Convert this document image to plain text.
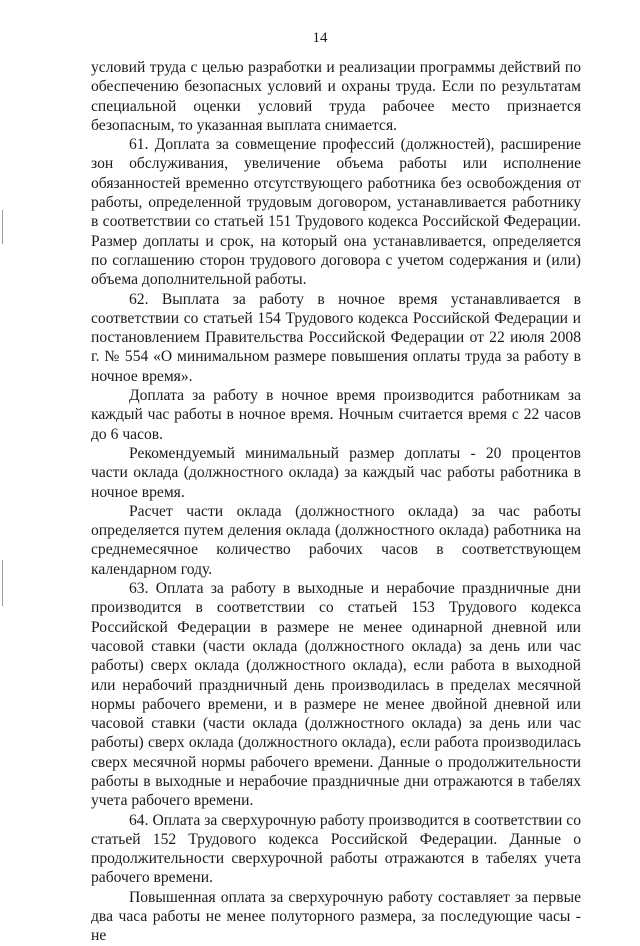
14

условий труда с целью разработки и реализации программы действий по обеспечению безопасных условий и охраны труда. Если по результатам специальной оценки условий труда рабочее место признается безопасным, то указанная выплата снимается.

61. Доплата за совмещение профессий (должностей), расширение зон обслуживания, увеличение объема работы или исполнение обязанностей временно отсутствующего работника без освобождения от работы, определенной трудовым договором, устанавливается работнику в соответствии со статьей 151 Трудового кодекса Российской Федерации. Размер доплаты и срок, на который она устанавливается, определяется по соглашению сторон трудового договора с учетом содержания и (или) объема дополнительной работы.

62. Выплата за работу в ночное время устанавливается в соответствии со статьей 154 Трудового кодекса Российской Федерации и постановлением Правительства Российской Федерации от 22 июля 2008 г. № 554 «О минимальном размере повышения оплаты труда за работу в ночное время».

Доплата за работу в ночное время производится работникам за каждый час работы в ночное время. Ночным считается время с 22 часов до 6 часов.

Рекомендуемый минимальный размер доплаты - 20 процентов части оклада (должностного оклада) за каждый час работы работника в ночное время.

Расчет части оклада (должностного оклада) за час работы определяется путем деления оклада (должностного оклада) работника на среднемесячное количество рабочих часов в соответствующем календарном году.

63. Оплата за работу в выходные и нерабочие праздничные дни производится в соответствии со статьей 153 Трудового кодекса Российской Федерации в размере не менее одинарной дневной или часовой ставки (части оклада (должностного оклада) за день или час работы) сверх оклада (должностного оклада), если работа в выходной или нерабочий праздничный день производилась в пределах месячной нормы рабочего времени, и в размере не менее двойной дневной или часовой ставки (части оклада (должностного оклада) за день или час работы) сверх оклада (должностного оклада), если работа производилась сверх месячной нормы рабочего времени. Данные о продолжительности работы в выходные и нерабочие праздничные дни отражаются в табелях учета рабочего времени.

64. Оплата за сверхурочную работу производится в соответствии со статьей 152 Трудового кодекса Российской Федерации. Данные о продолжительности сверхурочной работы отражаются в табелях учета рабочего времени.

Повышенная оплата за сверхурочную работу составляет за первые два часа работы не менее полуторного размера, за последующие часы - не
